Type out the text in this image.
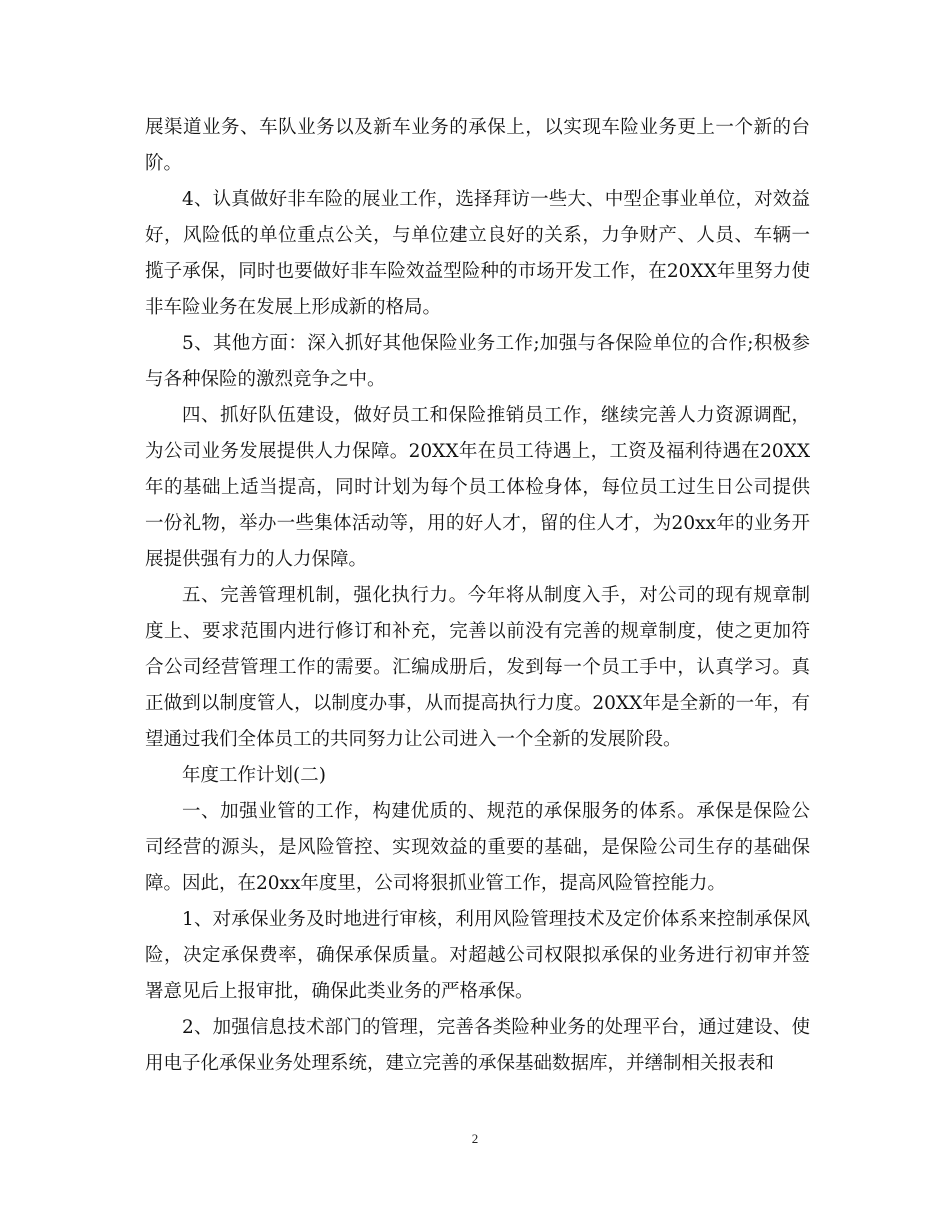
展渠道业务、车队业务以及新车业务的承保上，以实现车险业务更上一个新的台阶。

4、认真做好非车险的展业工作，选择拜访一些大、中型企事业单位，对效益好，风险低的单位重点公关，与单位建立良好的关系，力争财产、人员、车辆一揽子承保，同时也要做好非车险效益型险种的市场开发工作，在20XX年里努力使非车险业务在发展上形成新的格局。

5、其他方面：深入抓好其他保险业务工作;加强与各保险单位的合作;积极参与各种保险的激烈竞争之中。

四、抓好队伍建设，做好员工和保险推销员工作，继续完善人力资源调配，为公司业务发展提供人力保障。20XX年在员工待遇上，工资及福利待遇在20XX年的基础上适当提高，同时计划为每个员工体检身体，每位员工过生日公司提供一份礼物，举办一些集体活动等，用的好人才，留的住人才，为20xx年的业务开展提供强有力的人力保障。

五、完善管理机制，强化执行力。今年将从制度入手，对公司的现有规章制度上、要求范围内进行修订和补充，完善以前没有完善的规章制度，使之更加符合公司经营管理工作的需要。汇编成册后，发到每一个员工手中，认真学习。真正做到以制度管人，以制度办事，从而提高执行力度。20XX年是全新的一年，有望通过我们全体员工的共同努力让公司进入一个全新的发展阶段。

年度工作计划(二)

一、加强业管的工作，构建优质的、规范的承保服务的体系。承保是保险公司经营的源头，是风险管控、实现效益的重要的基础，是保险公司生存的基础保障。因此，在20xx年度里，公司将狠抓业管工作，提高风险管控能力。

1、对承保业务及时地进行审核，利用风险管理技术及定价体系来控制承保风险，决定承保费率，确保承保质量。对超越公司权限拟承保的业务进行初审并签署意见后上报审批，确保此类业务的严格承保。

2、加强信息技术部门的管理，完善各类险种业务的处理平台，通过建设、使用电子化承保业务处理系统，建立完善的承保基础数据库，并缮制相关报表和

2
